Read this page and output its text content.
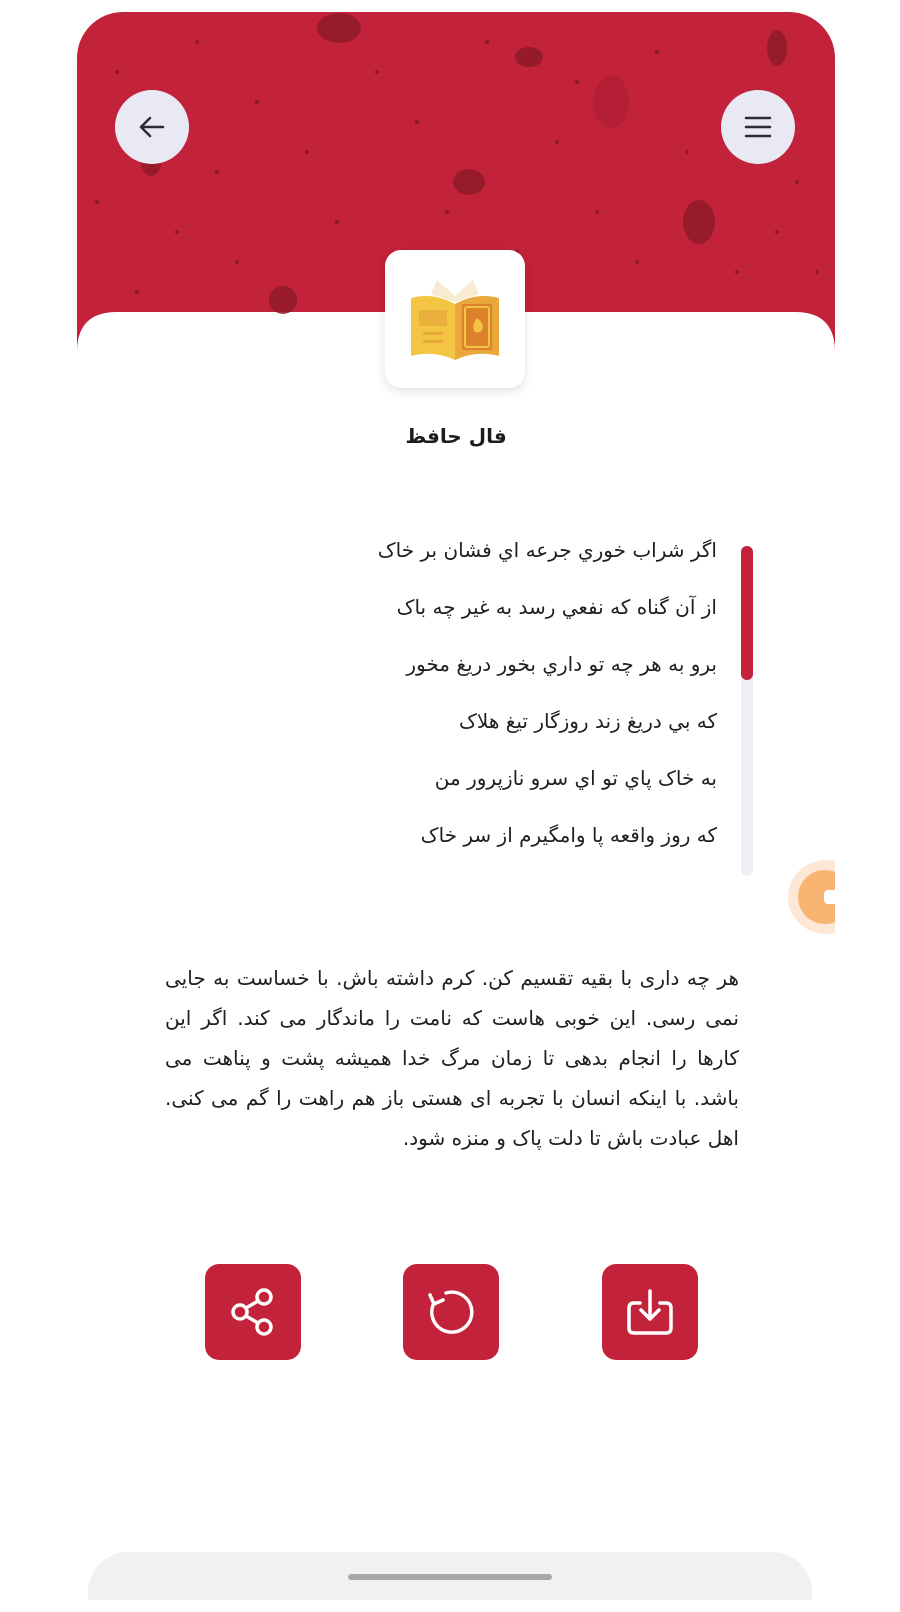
فال حافظ
اگر شراب خوري جرعه اي فشان بر خاک
از آن گناه که نفعي رسد به غير چه باک
برو به هر چه تو داري بخور دريغ مخور
که بي دريغ زند روزگار تيغ هلاک
به خاک پاي تو اي سرو نازپرور من
که روز واقعه پا وامگيرم از سر خاک
هر چه داری با بقیه تقسیم کن. کرم داشته باش. با خساست به جایی نمی رسی. این خوبی هاست که نامت را ماندگار می کند. اگر این کارها را انجام بدهی تا زمان مرگ خدا همیشه پشت و پناهت می باشد. با اینکه انسان با تجربه ای هستی باز هم راهت را گم می کنی. اهل عبادت باش تا دلت پاک و منزه شود.
